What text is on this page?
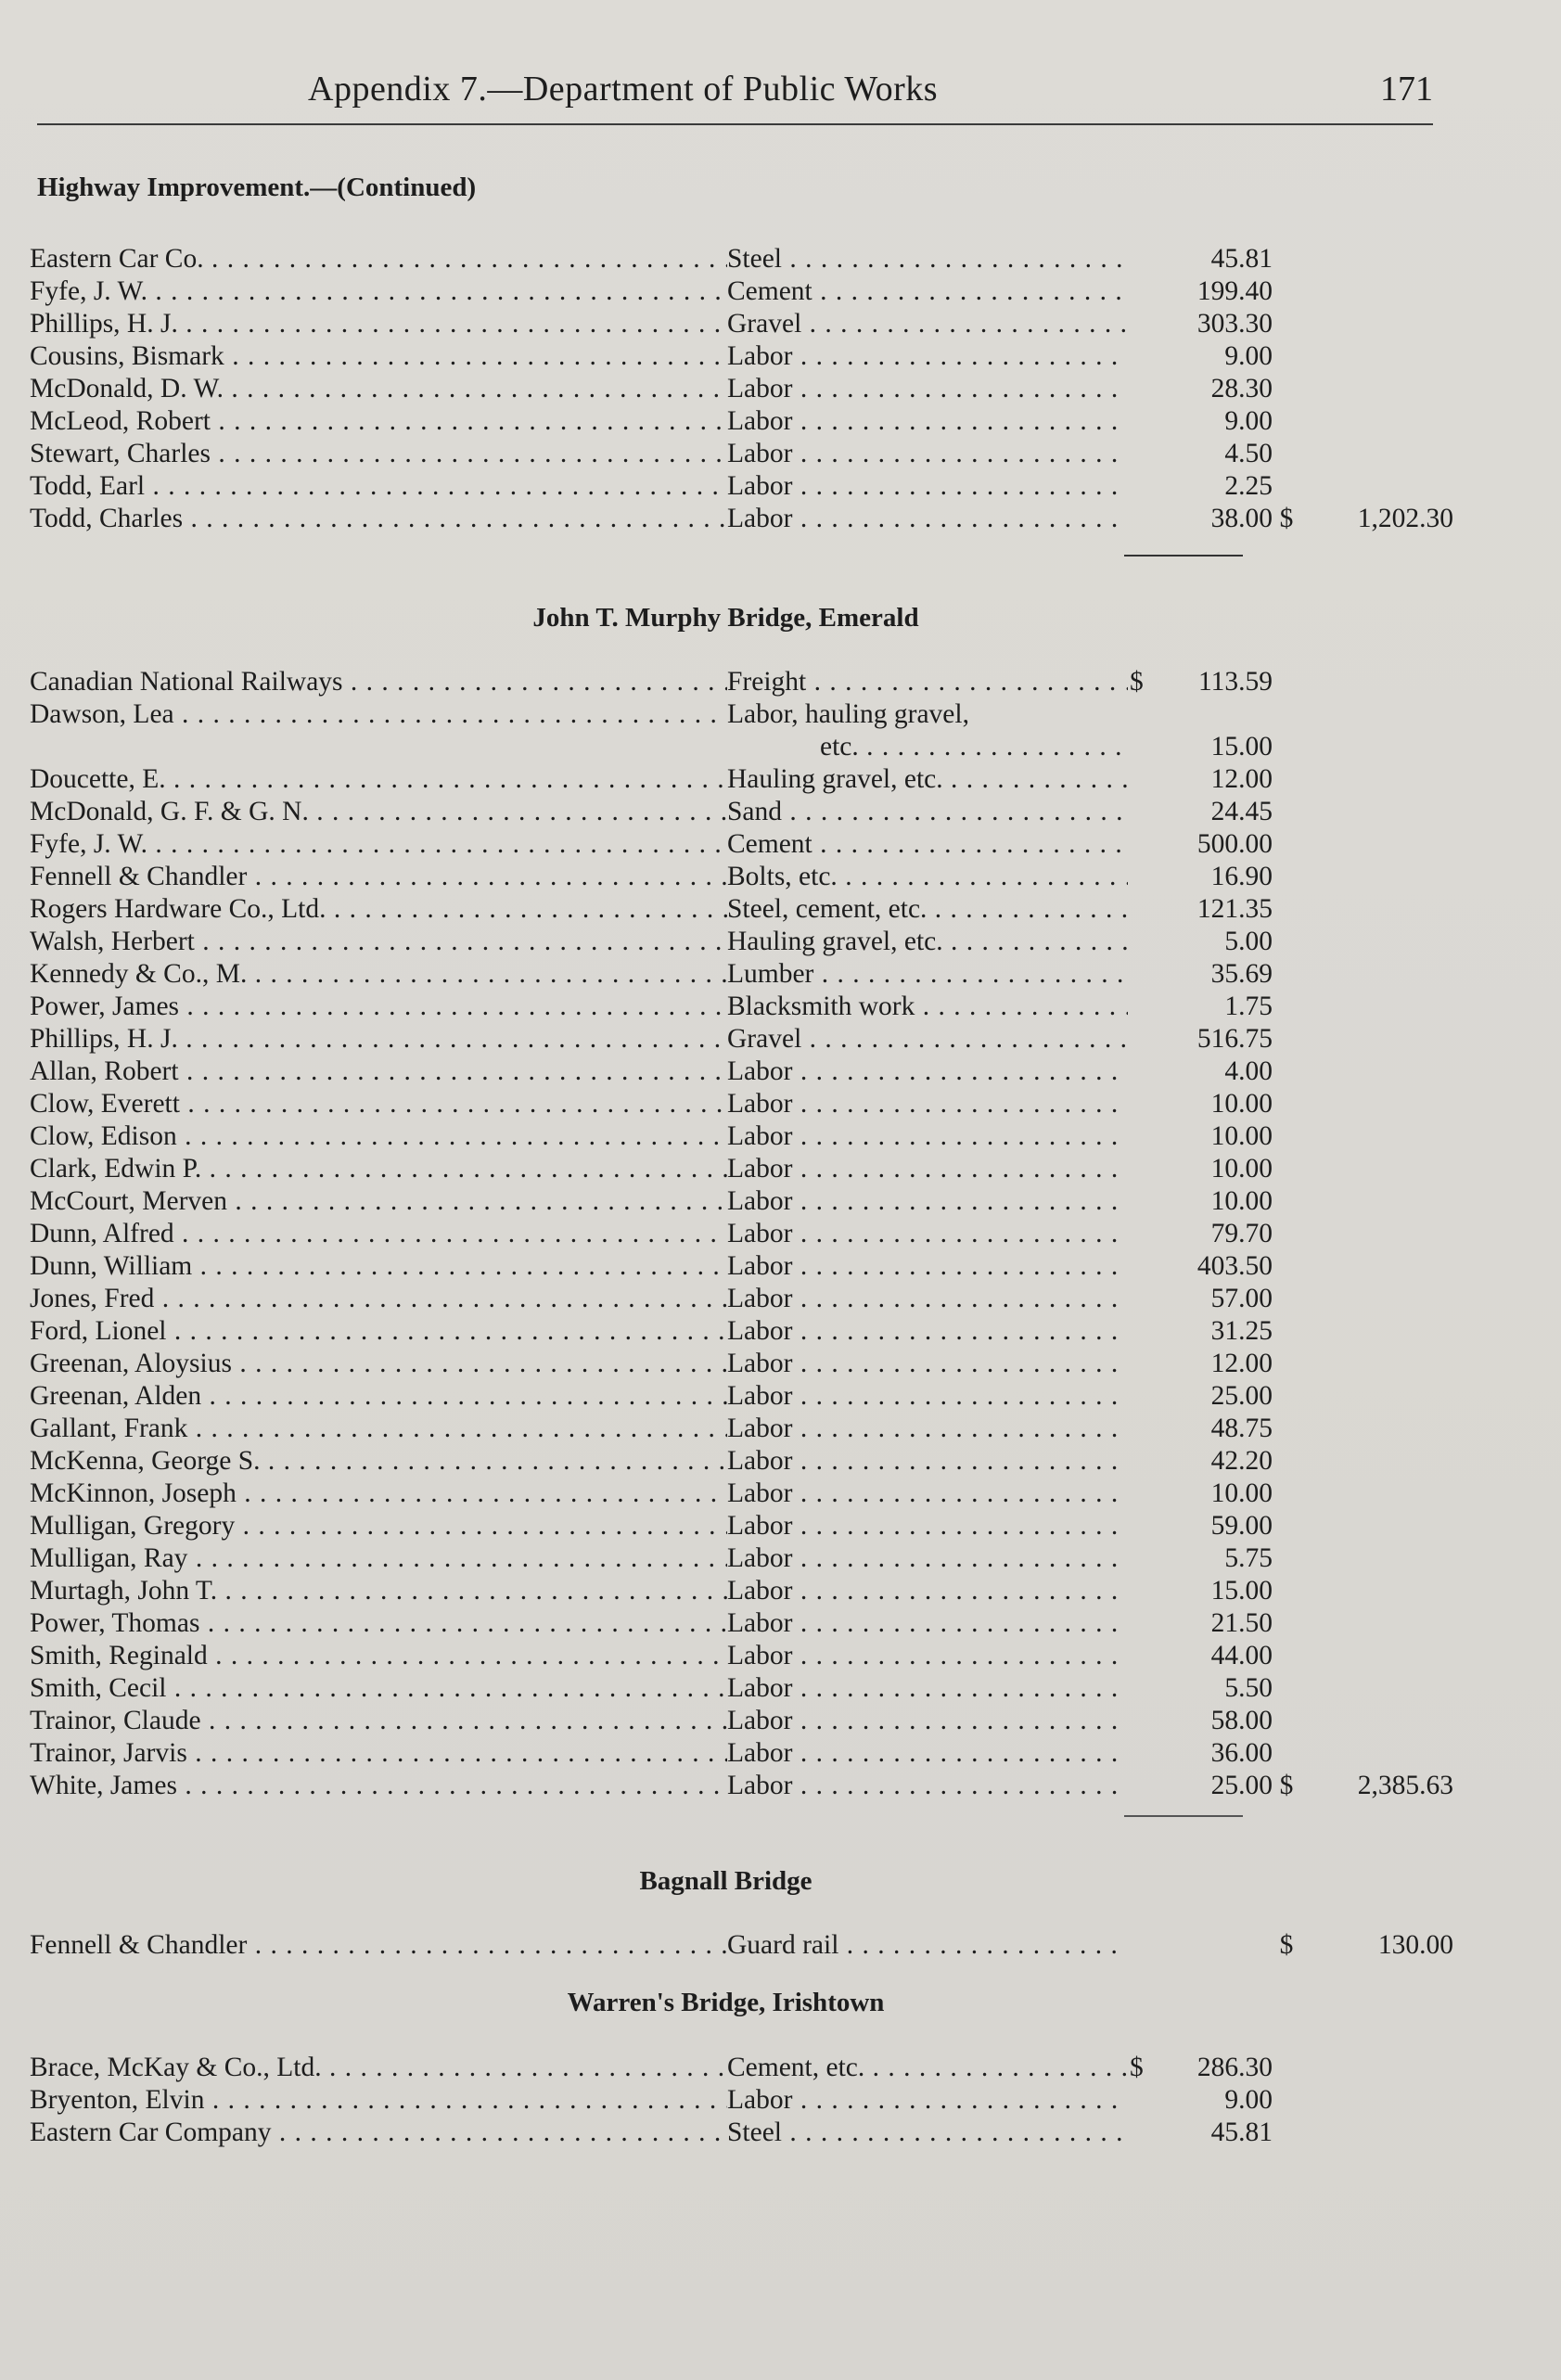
Appendix 7.—Department of Public Works	171
Highway Improvement.—(Continued)
Eastern Car Co. . . .	Steel . . .	45.81
Fyfe, J. W. . . .	Cement . . .	199.40
Phillips, H. J. . . .	Gravel . . .	303.30
Cousins, Bismark . . .	Labor . . .	9.00
McDonald, D. W. . . .	Labor . . .	28.30
McLeod, Robert . . .	Labor . . .	9.00
Stewart, Charles . . .	Labor . . .	4.50
Todd, Earl . . .	Labor . . .	2.25
Todd, Charles . . .	Labor . . .	38.00 $	1,202.30
John T. Murphy Bridge, Emerald
Canadian National Railways . . .	Freight . . .	$	113.59
Dawson, Lea . . .	Labor, hauling gravel,
etc. . . .	15.00
Doucette, E. . . .	Hauling gravel, etc. . . .	12.00
McDonald, G. F. & G. N. . . .	Sand . . .	24.45
Fyfe, J. W. . . .	Cement . . .	500.00
Fennell & Chandler . . .	Bolts, etc. . . .	16.90
Rogers Hardware Co., Ltd. . . .	Steel, cement, etc. . . .	121.35
Walsh, Herbert . . .	Hauling gravel, etc. . . .	5.00
Kennedy & Co., M. . . .	Lumber . . .	35.69
Power, James . . .	Blacksmith work . . .	1.75
Phillips, H. J. . . .	Gravel . . .	516.75
Allan, Robert . . .	Labor . . .	4.00
Clow, Everett . . .	Labor . . .	10.00
Clow, Edison . . .	Labor . . .	10.00
Clark, Edwin P. . . .	Labor . . .	10.00
McCourt, Merven . . .	Labor . . .	10.00
Dunn, Alfred . . .	Labor . . .	79.70
Dunn, William . . .	Labor . . .	403.50
Jones, Fred . . .	Labor . . .	57.00
Ford, Lionel . . .	Labor . . .	31.25
Greenan, Aloysius . . .	Labor . . .	12.00
Greenan, Alden . . .	Labor . . .	25.00
Gallant, Frank . . .	Labor . . .	48.75
McKenna, George S. . . .	Labor . . .	42.20
McKinnon, Joseph . . .	Labor . . .	10.00
Mulligan, Gregory . . .	Labor . . .	59.00
Mulligan, Ray . . .	Labor . . .	5.75
Murtagh, John T. . . .	Labor . . .	15.00
Power, Thomas . . .	Labor . . .	21.50
Smith, Reginald . . .	Labor . . .	44.00
Smith, Cecil . . .	Labor . . .	5.50
Trainor, Claude . . .	Labor . . .	58.00
Trainor, Jarvis . . .	Labor . . .	36.00
White, James . . .	Labor . . .	25.00 $	2,385.63
Bagnall Bridge
Fennell & Chandler . . .	Guard rail . . .	$	130.00
Warren's Bridge, Irishtown
Brace, McKay & Co., Ltd. . . .	Cement, etc. . . .	$	286.30
Bryenton, Elvin . . .	Labor . . .	9.00
Eastern Car Company . . .	Steel . . .	45.81
